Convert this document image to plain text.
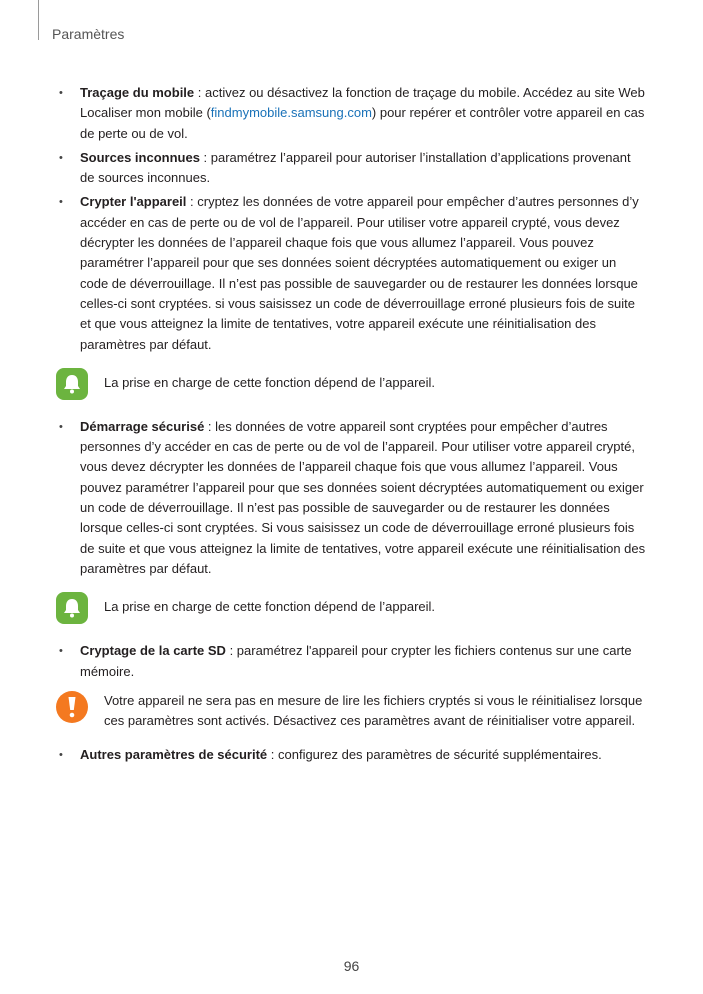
Paramètres
• Traçage du mobile : activez ou désactivez la fonction de traçage du mobile. Accédez au site Web Localiser mon mobile (findmymobile.samsung.com) pour repérer et contrôler votre appareil en cas de perte ou de vol.
• Sources inconnues : paramétrez l’appareil pour autoriser l’installation d’applications provenant de sources inconnues.
• Crypter l'appareil : cryptez les données de votre appareil pour empêcher d’autres personnes d’y accéder en cas de perte ou de vol de l’appareil. Pour utiliser votre appareil crypté, vous devez décrypter les données de l’appareil chaque fois que vous allumez l’appareil. Vous pouvez paramétrer l’appareil pour que ses données soient décryptées automatiquement ou exiger un code de déverrouillage. Il n’est pas possible de sauvegarder ou de restaurer les données lorsque celles-ci sont cryptées. si vous saisissez un code de déverrouillage erroné plusieurs fois de suite et que vous atteignez la limite de tentatives, votre appareil exécute une réinitialisation des paramètres par défaut.
La prise en charge de cette fonction dépend de l’appareil.
• Démarrage sécurisé : les données de votre appareil sont cryptées pour empêcher d’autres personnes d’y accéder en cas de perte ou de vol de l’appareil. Pour utiliser votre appareil crypté, vous devez décrypter les données de l’appareil chaque fois que vous allumez l’appareil. Vous pouvez paramétrer l’appareil pour que ses données soient décryptées automatiquement ou exiger un code de déverrouillage. Il n’est pas possible de sauvegarder ou de restaurer les données lorsque celles-ci sont cryptées. Si vous saisissez un code de déverrouillage erroné plusieurs fois de suite et que vous atteignez la limite de tentatives, votre appareil exécute une réinitialisation des paramètres par défaut.
La prise en charge de cette fonction dépend de l’appareil.
• Cryptage de la carte SD : paramétrez l'appareil pour crypter les fichiers contenus sur une carte mémoire.
Votre appareil ne sera pas en mesure de lire les fichiers cryptés si vous le réinitialisez lorsque ces paramètres sont activés. Désactivez ces paramètres avant de réinitialiser votre appareil.
• Autres paramètres de sécurité : configurez des paramètres de sécurité supplémentaires.
96
